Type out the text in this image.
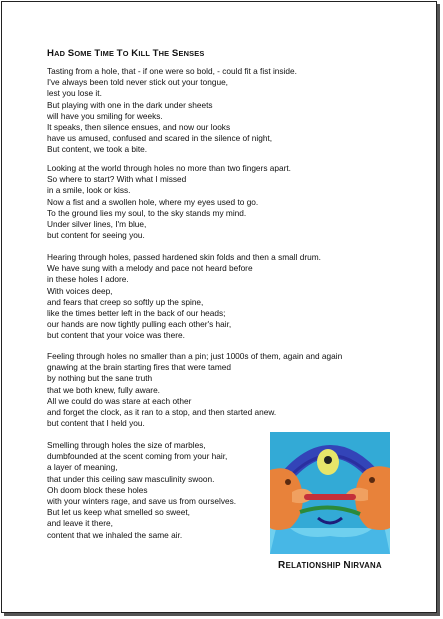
HAD SOME TIME TO KILL THE SENSES
Tasting from a hole, that - if one were so bold, - could fit a fist inside.
I've always been told never stick out your tongue,
lest you lose it.
But playing with one in the dark under sheets
will have you smiling for weeks.
It speaks, then silence ensues, and now our looks
have us amused, confused and scared in the silence of night,
But content, we took a bite.
Looking at the world through holes no more than two fingers apart.
So where to start? With what I missed
in a smile, look or kiss.
Now a fist and a swollen hole, where my eyes used to go.
To the ground lies my soul, to the sky stands my mind.
Under silver lines, I'm blue,
but content for seeing you.
Hearing through holes, passed hardened skin folds and then a small drum.
We have sung with a melody and pace not heard before
in these holes I adore.
With voices deep,
and fears that creep so softly up the spine,
like the times better left in the back of our heads;
our hands are now tightly pulling each other's hair,
but content that your voice was there.
Feeling through holes no smaller than a pin; just 1000s of them, again and again
gnawing at the brain starting fires that were tamed
by nothing but the sane truth
that we both knew, fully aware.
All we could do was stare at each other
and forget the clock, as it ran to a stop, and then started anew.
but content that I held you.
Smelling through holes the size of marbles,
dumbfounded at the scent coming from your hair,
a layer of meaning,
that under this ceiling saw masculinity swoon.
Oh doom block these holes
with your winters rage, and save us from ourselves.
But let us keep what smelled so sweet,
and leave it there,
content that we inhaled the same air.
RELATIONSHIP NIRVANA
